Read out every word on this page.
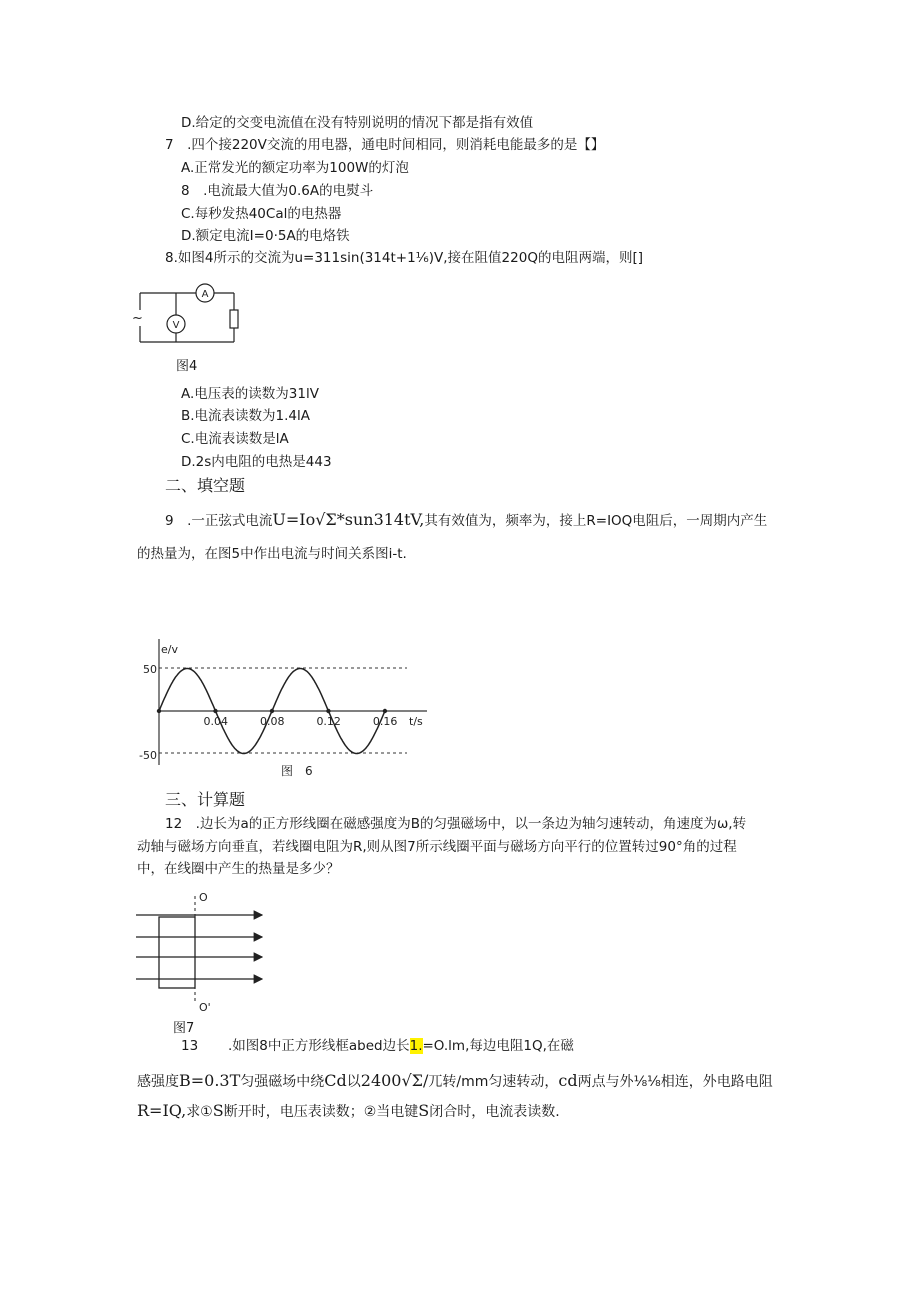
D.给定的交变电流值在没有特别说明的情况下都是指有效值
7　.四个接220V交流的用电器，通电时间相同，则消耗电能最多的是【】
A.正常发光的额定功率为100W的灯泡
8　.电流最大值为0.6A的电熨斗
C.每秒发热40Cal的电热器
D.额定电流I=0·5A的电烙铁
8.如图4所示的交流为u=311sin(314t+1⅙)V,接在阻值220Q的电阻两端，则[]
A
V
~
图4
A.电压表的读数为31lV
B.电流表读数为1.4lA
C.电流表读数是lA
D.2s内电阻的电热是443
二、填空题
9　.一正弦式电流U=Io√Σ*sun314tV,其有效值为，频率为，接上R=IOQ电阻后，一周期内产生
的热量为，在图5中作出电流与时间关系图i-t.
e/v
t/s
50
-50
图　6
0.04	0.08	0.12	0.16
三、计算题
12　.边长为a的正方形线圈在磁感强度为B的匀强磁场中，以一条边为轴匀速转动，角速度为ω,转
动轴与磁场方向垂直，若线圈电阻为R,则从图7所示线圈平面与磁场方向平行的位置转过90°角的过程
中，在线圈中产生的热量是多少？
O
O'
图7
13 .如图8中正方形线框abed边长1.=O.lm,每边电阻1Q,在磁
感强度B=0.3T匀强磁场中绕Cd以2400√Σ/兀转/mm匀速转动，cd两点与外⅛⅛相连，外电路电阻
R=IQ,求①S断开时，电压表读数；②当电键S闭合时，电流表读数.
